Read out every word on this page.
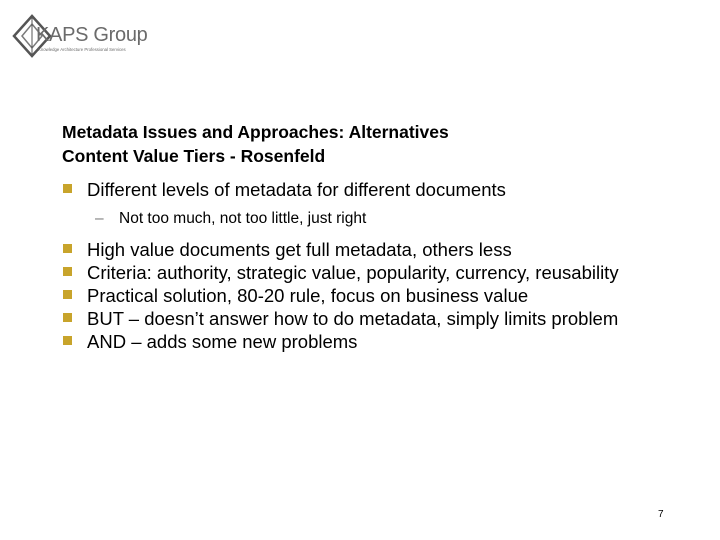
KAPS Group
Knowledge Architecture Professional Services
Metadata Issues and Approaches: Alternatives
Content Value Tiers - Rosenfeld
Different levels of metadata for different documents
– Not too much, not too little, just right
High value documents get full metadata, others less
Criteria: authority, strategic value, popularity, currency, reusability
Practical solution, 80-20 rule, focus on business value
BUT – doesn’t answer how to do metadata, simply limits problem
AND – adds some new problems
7
